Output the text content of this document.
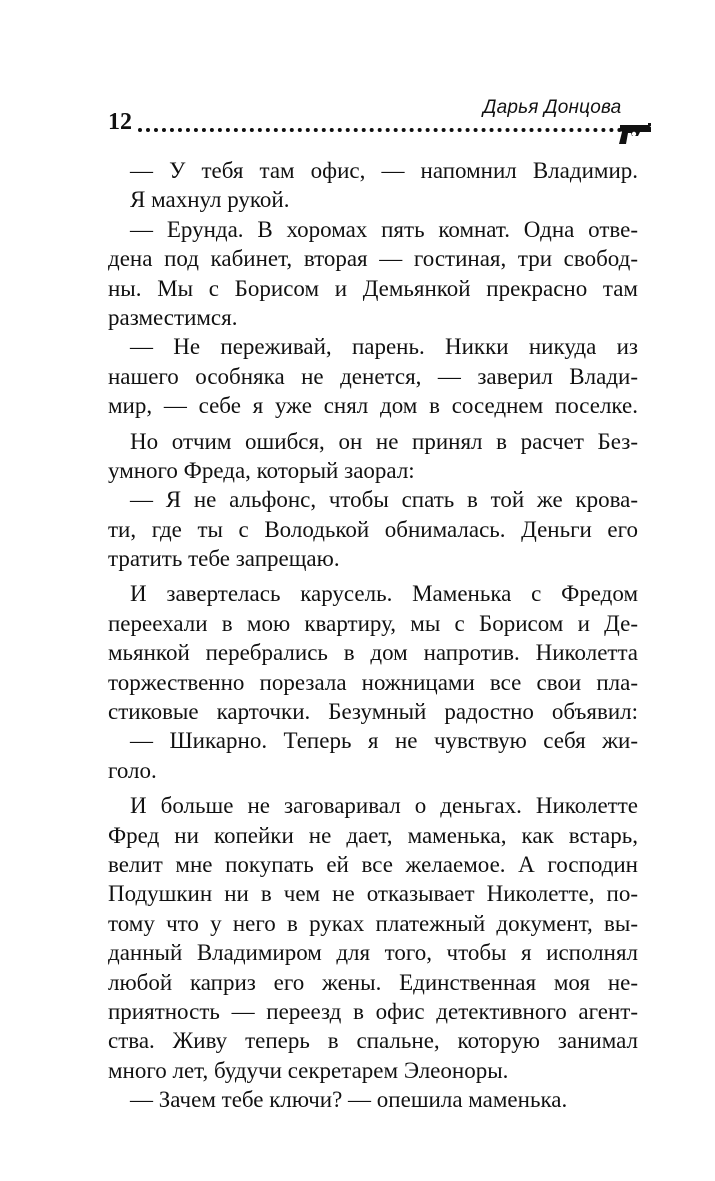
12
Дарья Донцова
— У тебя там офис, — напомнил Владимир.
Я махнул рукой.
— Ерунда. В хоромах пять комнат. Одна отве-
дена под кабинет, вторая — гостиная, три свобод-
ны. Мы с Борисом и Демьянкой прекрасно там
разместимся.
— Не переживай, парень. Никки никуда из
нашего особняка не денется, — заверил Влади-
мир, — себе я уже снял дом в соседнем поселке.
Но отчим ошибся, он не принял в расчет Без-
умного Фреда, который заорал:
— Я не альфонс, чтобы спать в той же крова-
ти, где ты с Володькой обнималась. Деньги его
тратить тебе запрещаю.
И завертелась карусель. Маменька с Фредом
переехали в мою квартиру, мы с Борисом и Де-
мьянкой перебрались в дом напротив. Николетта
торжественно порезала ножницами все свои пла-
стиковые карточки. Безумный радостно объявил:
— Шикарно. Теперь я не чувствую себя жи-
голо.
И больше не заговаривал о деньгах. Николетте
Фред ни копейки не дает, маменька, как встарь,
велит мне покупать ей все желаемое. А господин
Подушкин ни в чем не отказывает Николетте, по-
тому что у него в руках платежный документ, вы-
данный Владимиром для того, чтобы я исполнял
любой каприз его жены. Единственная моя не-
приятность — переезд в офис детективного агент-
ства. Живу теперь в спальне, которую занимал
много лет, будучи секретарем Элеоноры.
— Зачем тебе ключи? — опешила маменька.
